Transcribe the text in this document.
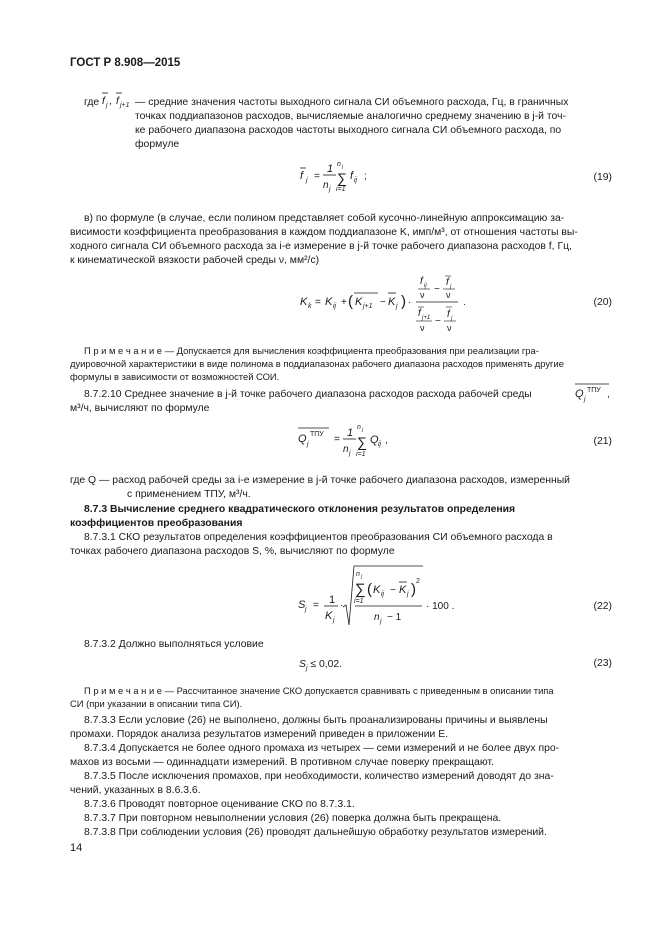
ГОСТ Р 8.908—2015
где f j , f j+1 — средние значения частоты выходного сигнала СИ объемного расхода, Гц, в граничных
точках поддиапазонов расходов, вычисляемые аналогично среднему значению в j-й точ-
ке рабочего диапазона расходов частоты выходного сигнала СИ объемного расхода, по
формуле
f j =
1
n j
n j
∑
i=1
f ij ;	(19)
в) по формуле (в случае, если полином представляет собой кусочно-линейную аппроксимацию за-
висимости коэффициента преобразования в каждом поддиапазоне K, имп/м³, от отношения частоты вы-
ходного сигнала СИ объемного расхода за i-e измерение в j-й точке рабочего диапазона расходов f, Гц,
к кинематической вязкости рабочей среды ν, мм²/с)
K k = K ij + ( K j+1 − K j ) ·
f ij
ν −
f j
ν
f j+1
ν
−
f j
ν
.	(20)
П р и м е ч а н и е — Допускается для вычисления коэффициента преобразования при реализации гра-
дуировочной характеристики в виде полинома в поддиапазонах рабочего диапазона расходов применять другие
формулы в зависимости от возможностей СОИ.
8.7.2.10 Среднее значение в j-й точке рабочего диапазона расходов расхода рабочей среды	Q j
ТПУ ,
м³/ч, вычисляют по формуле
Q j
ТПУ =
1
n j
n j
∑
i=1
Q ij ,	(21)
где Q — расход рабочей среды за i-е измерение в j-й точке рабочего диапазона расходов, измеренный
с применением ТПУ, м³/ч.
8.7.3 Вычисление среднего квадратического отклонения результатов определения
коэффициентов преобразования
8.7.3.1 СКО результатов определения коэффициентов преобразования СИ объемного расхода в
точках рабочего диапазона расходов S, %, вычисляют по формуле
S j = 1
K j
·
n j
∑
i=1
( K ij − K j ) 2
n j − 1
· 100 .	(22)
8.7.3.2 Должно выполняться условие
$S_j \le 0,02$.	(23)
П р и м е ч а н и е — Рассчитанное значение СКО допускается сравнивать с приведенным в описании типа
СИ (при указании в описании типа СИ).
8.7.3.3 Если условие (26) не выполнено, должны быть проанализированы причины и выявлены
промахи. Порядок анализа результатов измерений приведен в приложении Е.
8.7.3.4 Допускается не более одного промаха из четырех — семи измерений и не более двух про-
махов из восьми — одиннадцати измерений. В противном случае поверку прекращают.
8.7.3.5 После исключения промахов, при необходимости, количество измерений доводят до зна-
чений, указанных в 8.6.3.6.
8.7.3.6 Проводят повторное оценивание СКО по 8.7.3.1.
8.7.3.7 При повторном невыполнении условия (26) поверка должна быть прекращена.
8.7.3.8 При соблюдении условия (26) проводят дальнейшую обработку результатов измерений.
14
